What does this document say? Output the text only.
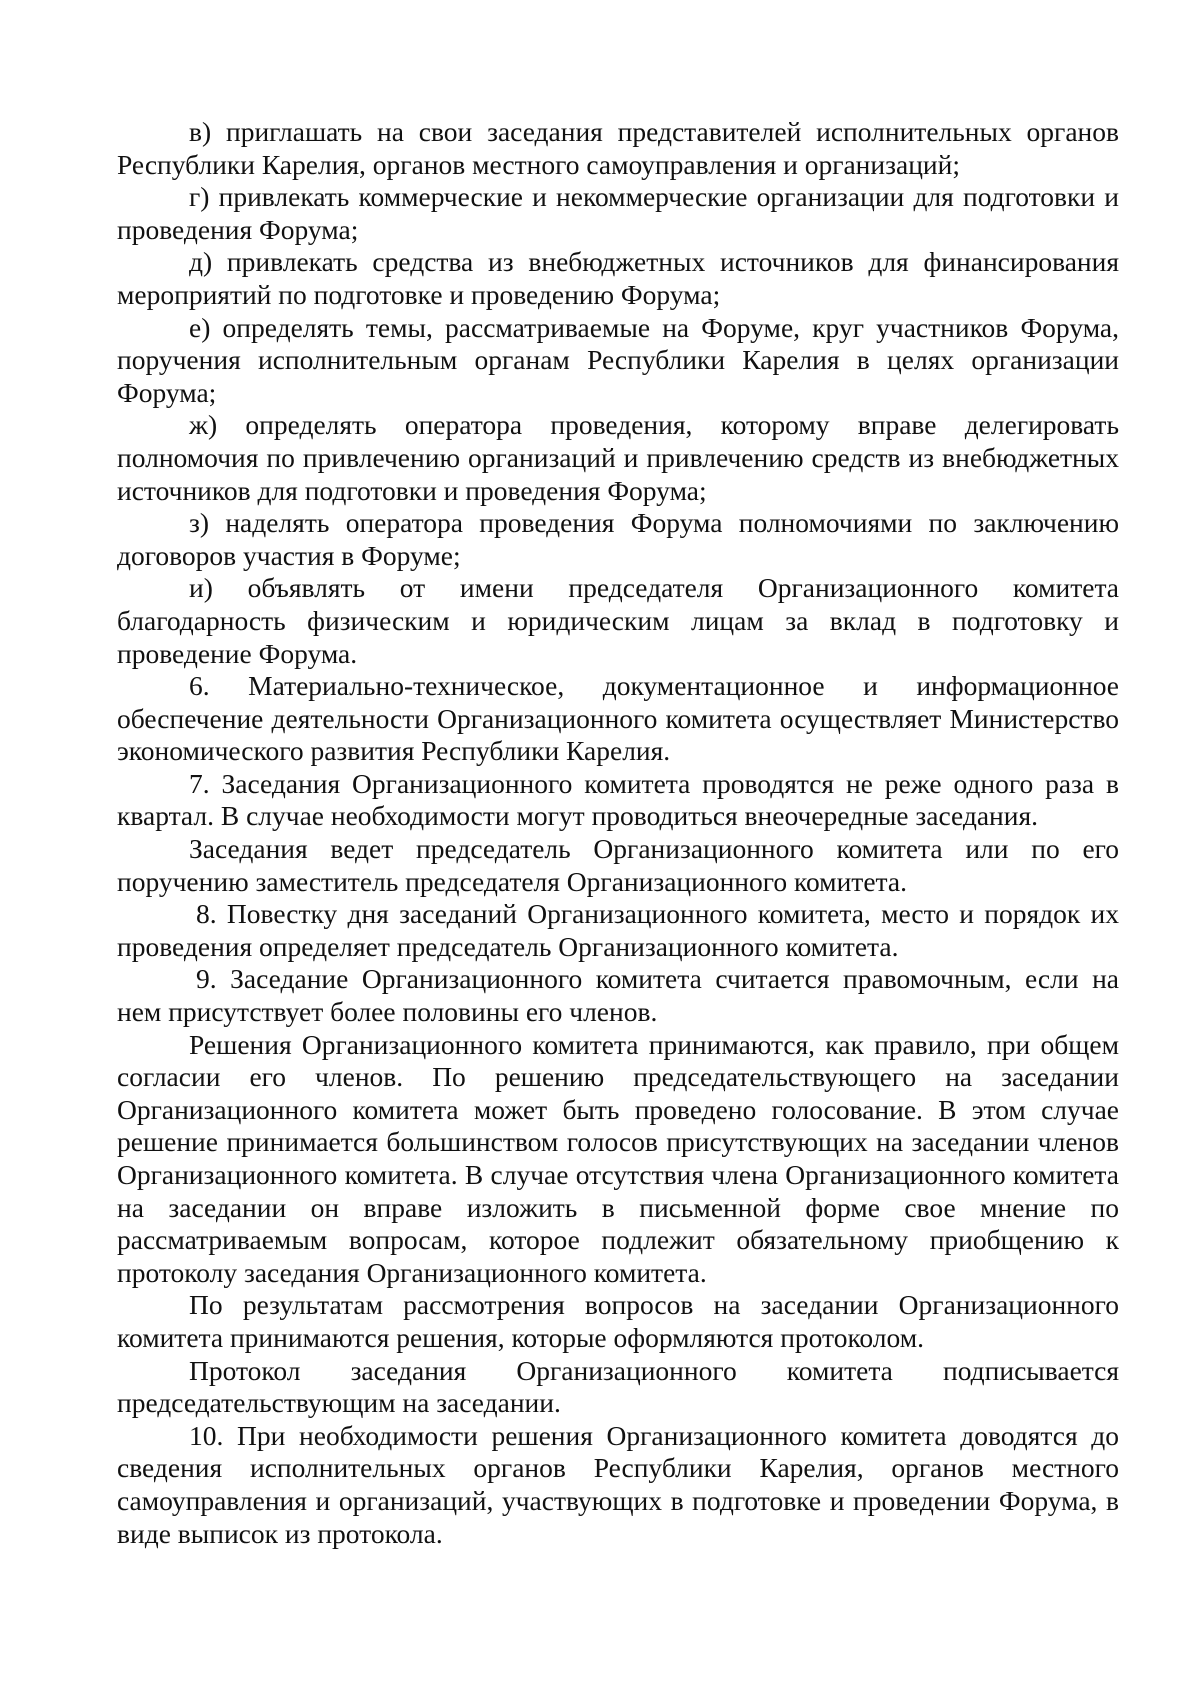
в) приглашать на свои заседания представителей исполнительных органов Республики Карелия, органов местного самоуправления и организаций;

г) привлекать коммерческие и некоммерческие организации для подготовки и проведения Форума;

д) привлекать средства из внебюджетных источников для финансирования мероприятий по подготовке и проведению Форума;

е) определять темы, рассматриваемые на Форуме, круг участников Форума, поручения исполнительным органам Республики Карелия в целях организации Форума;

ж) определять оператора проведения, которому вправе делегировать полномочия по привлечению организаций и привлечению средств из внебюджетных источников для подготовки и проведения Форума;

з) наделять оператора проведения Форума полномочиями по заключению договоров участия в Форуме;

и) объявлять от имени председателя Организационного комитета благодарность физическим и юридическим лицам за вклад в подготовку и проведение Форума.

6. Материально-техническое, документационное и информационное обеспечение деятельности Организационного комитета осуществляет Министерство экономического развития Республики Карелия.

7. Заседания Организационного комитета проводятся не реже одного раза в квартал. В случае необходимости могут проводиться внеочередные заседания.

Заседания ведет председатель Организационного комитета или по его поручению заместитель председателя Организационного комитета.

8. Повестку дня заседаний Организационного комитета, место и порядок их проведения определяет председатель Организационного комитета.

9. Заседание Организационного комитета считается правомочным, если на нем присутствует более половины его членов.

Решения Организационного комитета принимаются, как правило, при общем согласии его членов. По решению председательствующего на заседании Организационного комитета может быть проведено голосование. В этом случае решение принимается большинством голосов присутствующих на заседании членов Организационного комитета. В случае отсутствия члена Организационного комитета на заседании он вправе изложить в письменной форме свое мнение по рассматриваемым вопросам, которое подлежит обязательному приобщению к протоколу заседания Организационного комитета.

По результатам рассмотрения вопросов на заседании Организационного комитета принимаются решения, которые оформляются протоколом.

Протокол заседания Организационного комитета подписывается председательствующим на заседании.

10. При необходимости решения Организационного комитета доводятся до сведения исполнительных органов Республики Карелия, органов местного самоуправления и организаций, участвующих в подготовке и проведении Форума, в виде выписок из протокола.
